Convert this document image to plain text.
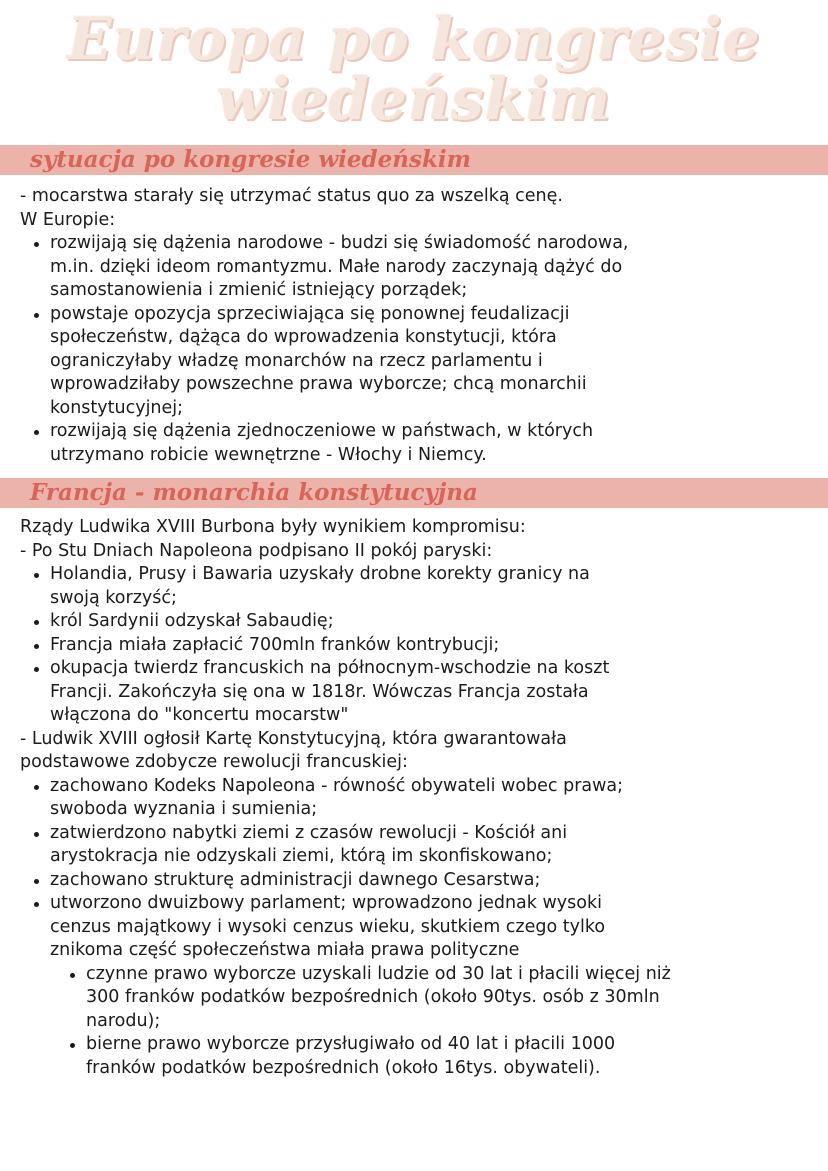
Europa po kongresie
wiedeńskim
sytuacja po kongresie wiedeńskim
- mocarstwa starały się utrzymać status quo za wszelką cenę.
W Europie:
rozwijają się dążenia narodowe - budzi się świadomość narodowa,
m.in. dzięki ideom romantyzmu. Małe narody zaczynają dążyć do
samostanowienia i zmienić istniejący porządek;
powstaje opozycja sprzeciwiająca się ponownej feudalizacji
społeczeństw, dążąca do wprowadzenia konstytucji, która
ograniczyłaby władzę monarchów na rzecz parlamentu i
wprowadziłaby powszechne prawa wyborcze; chcą monarchii
konstytucyjnej;
rozwijają się dążenia zjednoczeniowe w państwach, w których
utrzymano robicie wewnętrzne - Włochy i Niemcy.
Francja - monarchia konstytucyjna
Rządy Ludwika XVIII Burbona były wynikiem kompromisu:
- Po Stu Dniach Napoleona podpisano II pokój paryski:
Holandia, Prusy i Bawaria uzyskały drobne korekty granicy na
swoją korzyść;
król Sardynii odzyskał Sabaudię;
Francja miała zapłacić 700mln franków kontrybucji;
okupacja twierdz francuskich na północnym-wschodzie na koszt
Francji. Zakończyła się ona w 1818r. Wówczas Francja została
włączona do "koncertu mocarstw"
- Ludwik XVIII ogłosił Kartę Konstytucyjną, która gwarantowała
podstawowe zdobycze rewolucji francuskiej:
zachowano Kodeks Napoleona - równość obywateli wobec prawa;
swoboda wyznania i sumienia;
zatwierdzono nabytki ziemi z czasów rewolucji - Kościół ani
arystokracja nie odzyskali ziemi, którą im skonfiskowano;
zachowano strukturę administracji dawnego Cesarstwa;
utworzono dwuizbowy parlament; wprowadzono jednak wysoki
cenzus majątkowy i wysoki cenzus wieku, skutkiem czego tylko
znikoma część społeczeństwa miała prawa polityczne
czynne prawo wyborcze uzyskali ludzie od 30 lat i płacili więcej niż
300 franków podatków bezpośrednich (około 90tys. osób z 30mln
narodu);
bierne prawo wyborcze przysługiwało od 40 lat i płacili 1000
franków podatków bezpośrednich (około 16tys. obywateli).
